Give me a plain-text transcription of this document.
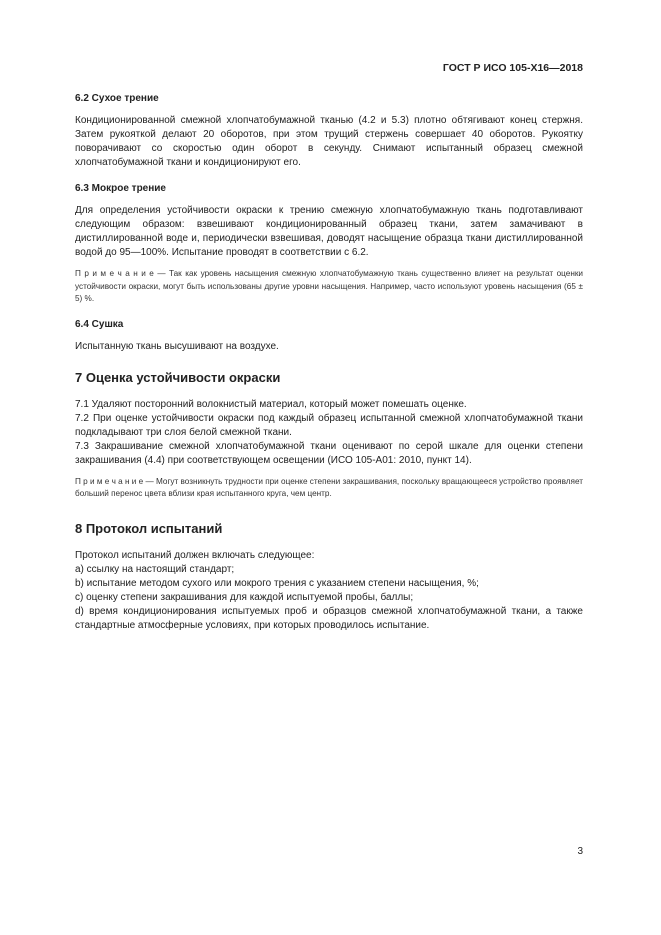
ГОСТ Р ИСО 105-X16—2018
6.2 Сухое трение

Кондиционированной смежной хлопчатобумажной тканью (4.2 и 5.3) плотно обтягивают конец стержня. Затем рукояткой делают 20 оборотов, при этом трущий стержень совершает 40 оборотов. Рукоятку поворачивают со скоростью один оборот в секунду. Снимают испытанный образец смежной хлопчатобумажной ткани и кондиционируют его.

6.3 Мокрое трение

Для определения устойчивости окраски к трению смежную хлопчатобумажную ткань подготавливают следующим образом: взвешивают кондиционированный образец ткани, затем замачивают в дистиллированной воде и, периодически взвешивая, доводят насыщение образца ткани дистиллированной водой до 95—100%. Испытание проводят в соответствии с 6.2.

П р и м е ч а н и е — Так как уровень насыщения смежную хлопчатобумажную ткань существенно влияет на результат оценки устойчивости окраски, могут быть использованы другие уровни насыщения. Например, часто используют уровень насыщения (65 ± 5) %.

6.4 Сушка

Испытанную ткань высушивают на воздухе.

7 Оценка устойчивости окраски

7.1 Удаляют посторонний волокнистый материал, который может помешать оценке.

7.2 При оценке устойчивости окраски под каждый образец испытанной смежной хлопчатобумажной ткани подкладывают три слоя белой смежной ткани.

7.3 Закрашивание смежной хлопчатобумажной ткани оценивают по серой шкале для оценки степени закрашивания (4.4) при соответствующем освещении (ИСО 105-A01: 2010, пункт 14).

П р и м е ч а н и е — Могут возникнуть трудности при оценке степени закрашивания, поскольку вращающееся устройство проявляет больший перенос цвета вблизи края испытанного круга, чем центр.

8 Протокол испытаний

Протокол испытаний должен включать следующее:

а) ссылку на настоящий стандарт;

b) испытание методом сухого или мокрого трения с указанием степени насыщения, %;

с) оценку степени закрашивания для каждой испытуемой пробы, баллы;

d) время кондиционирования испытуемых проб и образцов смежной хлопчатобумажной ткани, а также стандартные атмосферные условиях, при которых проводилось испытание.

3
